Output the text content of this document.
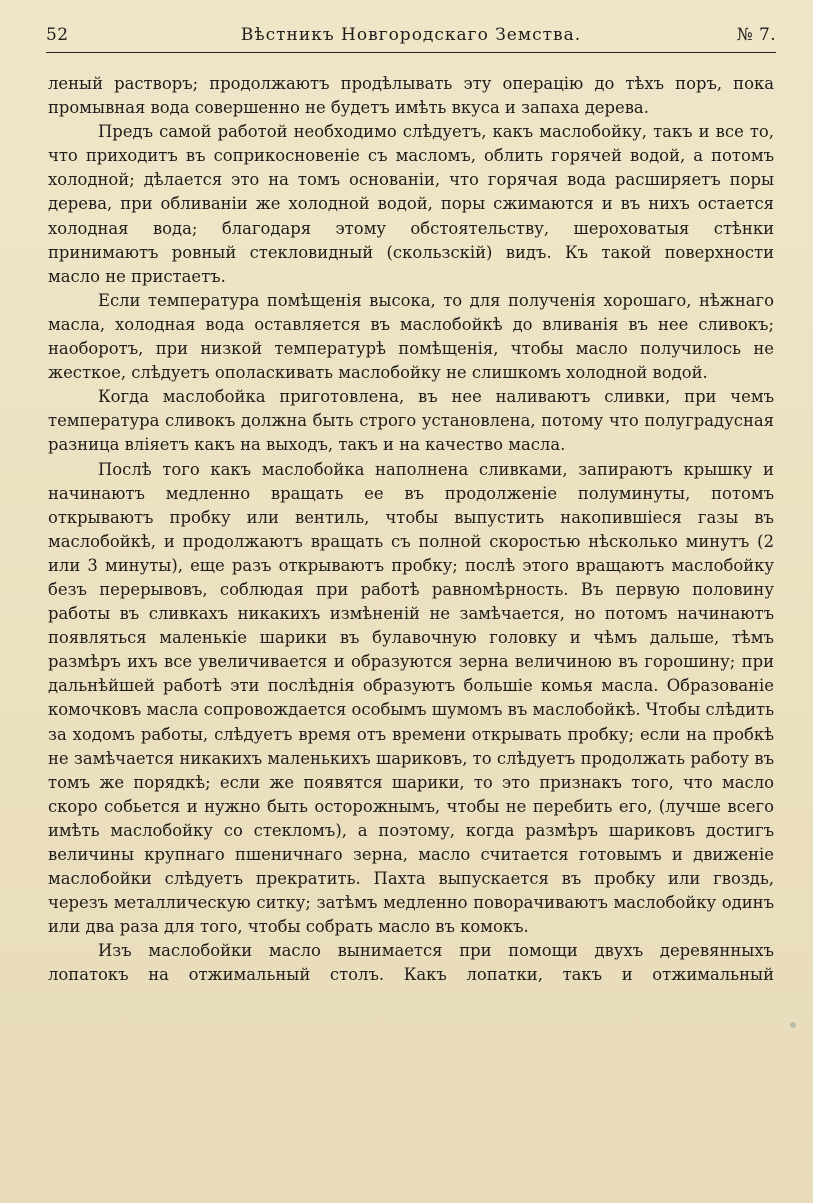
52	Вѣстникъ Новгородскаго Земства.	№ 7.

леный растворъ; продолжаютъ продѣлывать эту операцію до тѣхъ поръ, пока промывная вода совершенно не будетъ имѣть вкуса и запаха дерева.

Предъ самой работой необходимо слѣдуетъ, какъ маслобойку, такъ и все то, что приходитъ въ соприкосновеніе съ масломъ, облить горячей водой, а потомъ холодной; дѣлается это на томъ основаніи, что горячая вода расширяетъ поры дерева, при обливаніи же холодной водой, поры сжимаются и въ нихъ остается холодная вода; благодаря этому обстоятельству, шероховатыя стѣнки принимаютъ ровный стекловидный (скользскій) видъ. Къ такой поверхности масло не пристаетъ.

Если температура помѣщенія высока, то для полученія хорошаго, нѣжнаго масла, холодная вода оставляется въ маслобойкѣ до вливанія въ нее сливокъ; наоборотъ, при низкой температурѣ помѣщенія, чтобы масло получилось не жесткое, слѣдуетъ ополаскивать маслобойку не слишкомъ холодной водой.

Когда маслобойка приготовлена, въ нее наливаютъ сливки, при чемъ температура сливокъ должна быть строго установлена, потому что полуградусная разница вліяетъ какъ на выходъ, такъ и на качество масла.

Послѣ того какъ маслобойка наполнена сливками, запираютъ крышку и начинаютъ медленно вращать ее въ продолженіе полуминуты, потомъ открываютъ пробку или вентиль, чтобы выпустить накопившіеся газы въ маслобойкѣ, и продолжаютъ вращать съ полной скоростью нѣсколько минутъ (2 или 3 минуты), еще разъ открываютъ пробку; послѣ этого вращаютъ маслобойку безъ перерывовъ, соблюдая при работѣ равномѣрность. Въ первую половину работы въ сливкахъ никакихъ измѣненій не замѣчается, но потомъ начинаютъ появляться маленькіе шарики въ булавочную головку и чѣмъ дальше, тѣмъ размѣръ ихъ все увеличивается и образуются зерна величиною въ горошину; при дальнѣйшей работѣ эти послѣднія образуютъ большіе комья масла. Образованіе комочковъ масла сопровождается особымъ шумомъ въ маслобойкѣ. Чтобы слѣдить за ходомъ работы, слѣдуетъ время отъ времени открывать пробку; если на пробкѣ не замѣчается никакихъ маленькихъ шариковъ, то слѣдуетъ продолжать работу въ томъ же порядкѣ; если же появятся шарики, то это признакъ того, что масло скоро собьется и нужно быть осторожнымъ, чтобы не перебить его, (лучше всего имѣть маслобойку со стекломъ), а поэтому, когда размѣръ шариковъ достигъ величины крупнаго пшеничнаго зерна, масло считается готовымъ и движеніе маслобойки слѣдуетъ прекратить. Пахта выпускается въ пробку или гвоздь, черезъ металлическую ситку; затѣмъ медленно поворачиваютъ маслобойку одинъ или два раза для того, чтобы собрать масло въ комокъ.

Изъ маслобойки масло вынимается при помощи двухъ деревянныхъ лопатокъ на отжимальный столъ. Какъ лопатки, такъ и отжимальный
